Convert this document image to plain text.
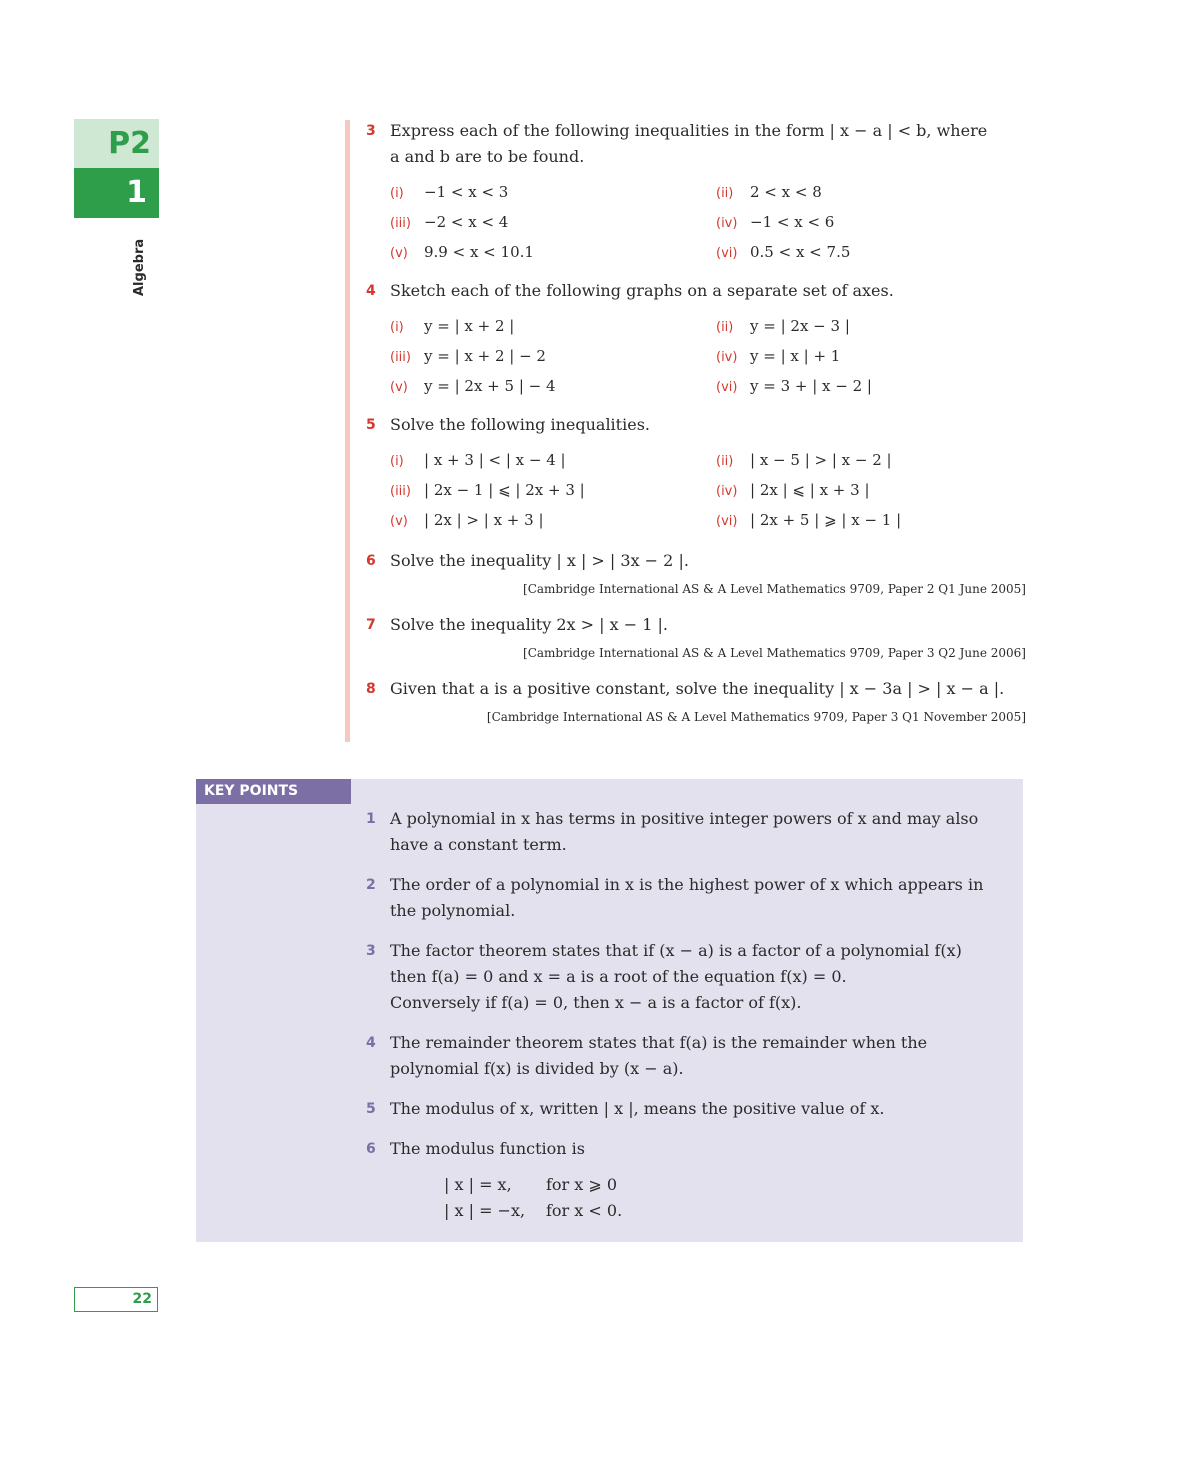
P2
1
Algebra
3 Express each of the following inequalities in the form | x − a | < b, where a and b are to be found.
(i) −1 < x < 3	(ii) 2 < x < 8
(iii) −2 < x < 4	(iv) −1 < x < 6
(v) 9.9 < x < 10.1	(vi) 0.5 < x < 7.5
4 Sketch each of the following graphs on a separate set of axes.
(i) y = | x + 2 |	(ii) y = | 2x − 3 |
(iii) y = | x + 2 | − 2	(iv) y = | x | + 1
(v) y = | 2x + 5 | − 4	(vi) y = 3 + | x − 2 |
5 Solve the following inequalities.
(i) | x + 3 | < | x − 4 |	(ii) | x − 5 | > | x − 2 |
(iii) | 2x − 1 | ⩽ | 2x + 3 |	(iv) | 2x | ⩽ | x + 3 |
(v) | 2x | > | x + 3 |	(vi) | 2x + 5 | ⩾ | x − 1 |
6 Solve the inequality | x | > | 3x − 2 |.
[Cambridge International AS & A Level Mathematics 9709, Paper 2 Q1 June 2005]
7 Solve the inequality 2x > | x − 1 |.
[Cambridge International AS & A Level Mathematics 9709, Paper 3 Q2 June 2006]
8 Given that a is a positive constant, solve the inequality | x − 3a | > | x − a |.
[Cambridge International AS & A Level Mathematics 9709, Paper 3 Q1 November 2005]
KEY POINTS
1 A polynomial in x has terms in positive integer powers of x and may also have a constant term.
2 The order of a polynomial in x is the highest power of x which appears in the polynomial.
3 The factor theorem states that if (x − a) is a factor of a polynomial f(x) then f(a) = 0 and x = a is a root of the equation f(x) = 0.
Conversely if f(a) = 0, then x − a is a factor of f(x).
4 The remainder theorem states that f(a) is the remainder when the polynomial f(x) is divided by (x − a).
5 The modulus of x, written | x |, means the positive value of x.
6 The modulus function is
| x | = x, for x ⩾ 0
| x | = −x, for x < 0.
22
